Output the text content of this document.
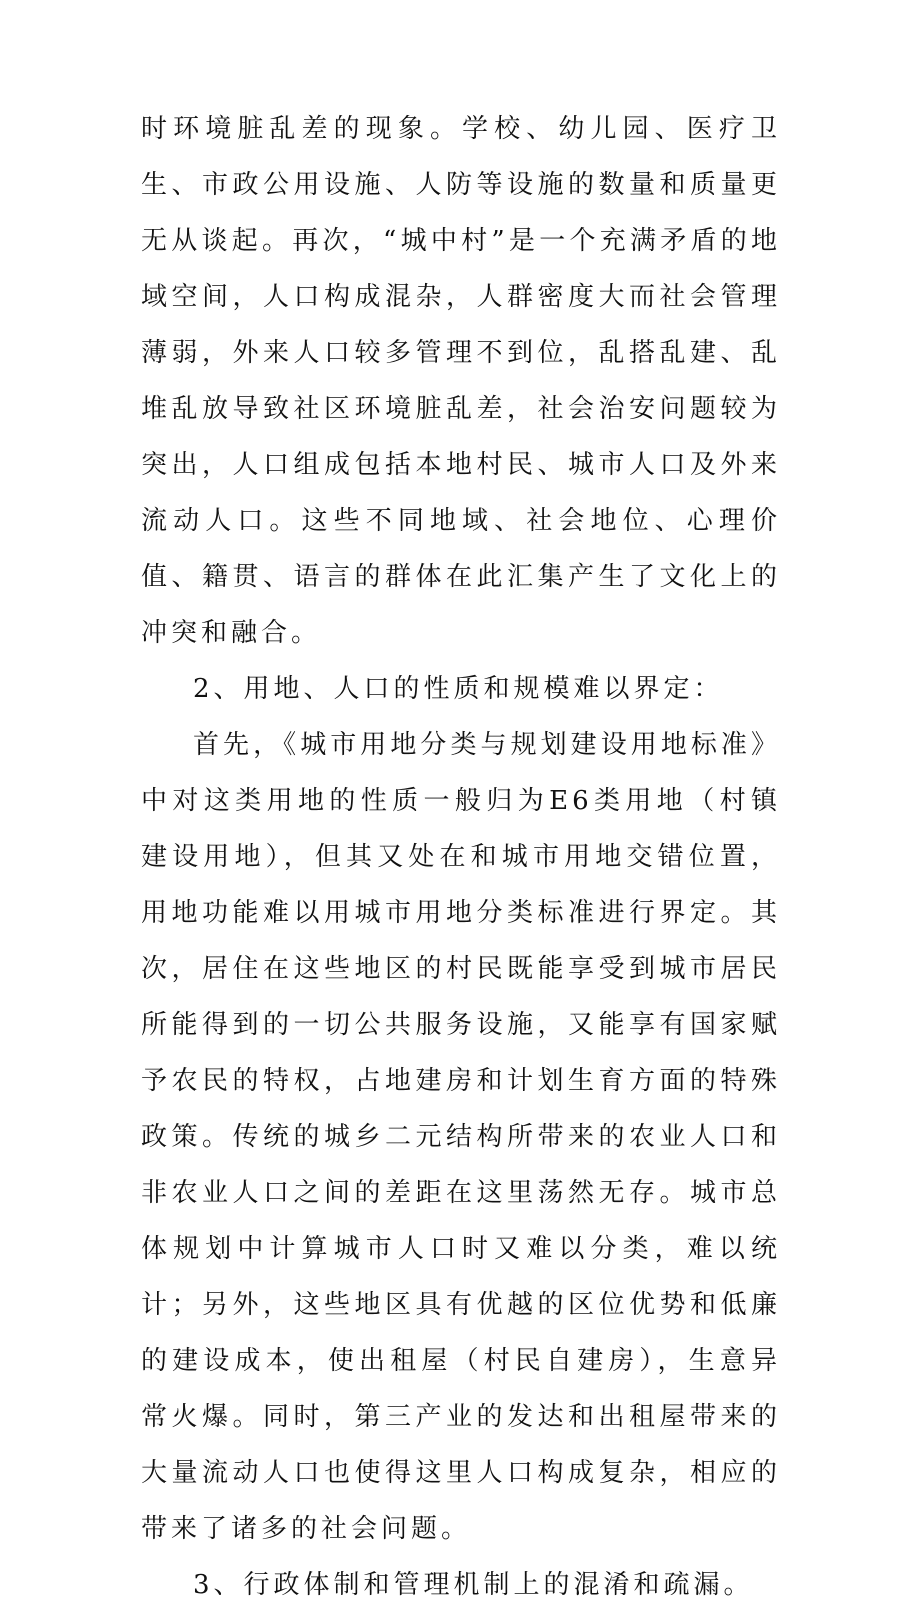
时环境脏乱差的现象。学校、幼儿园、医疗卫生、市政公用设施、人防等设施的数量和质量更无从谈起。再次，“城中村”是一个充满矛盾的地域空间，人口构成混杂，人群密度大而社会管理薄弱，外来人口较多管理不到位，乱搭乱建、乱堆乱放导致社区环境脏乱差，社会治安问题较为突出，人口组成包括本地村民、城市人口及外来流动人口。这些不同地域、社会地位、心理价值、籍贯、语言的群体在此汇集产生了文化上的冲突和融合。

2、用地、人口的性质和规模难以界定：

首先，《城市用地分类与规划建设用地标准》中对这类用地的性质一般归为E6类用地（村镇建设用地），但其又处在和城市用地交错位置，用地功能难以用城市用地分类标准进行界定。其次，居住在这些地区的村民既能享受到城市居民所能得到的一切公共服务设施，又能享有国家赋予农民的特权，占地建房和计划生育方面的特殊政策。传统的城乡二元结构所带来的农业人口和非农业人口之间的差距在这里荡然无存。城市总体规划中计算城市人口时又难以分类，难以统计；另外，这些地区具有优越的区位优势和低廉的建设成本，使出租屋（村民自建房），生意异常火爆。同时，第三产业的发达和出租屋带来的大量流动人口也使得这里人口构成复杂，相应的带来了诸多的社会问题。

3、行政体制和管理机制上的混淆和疏漏。
